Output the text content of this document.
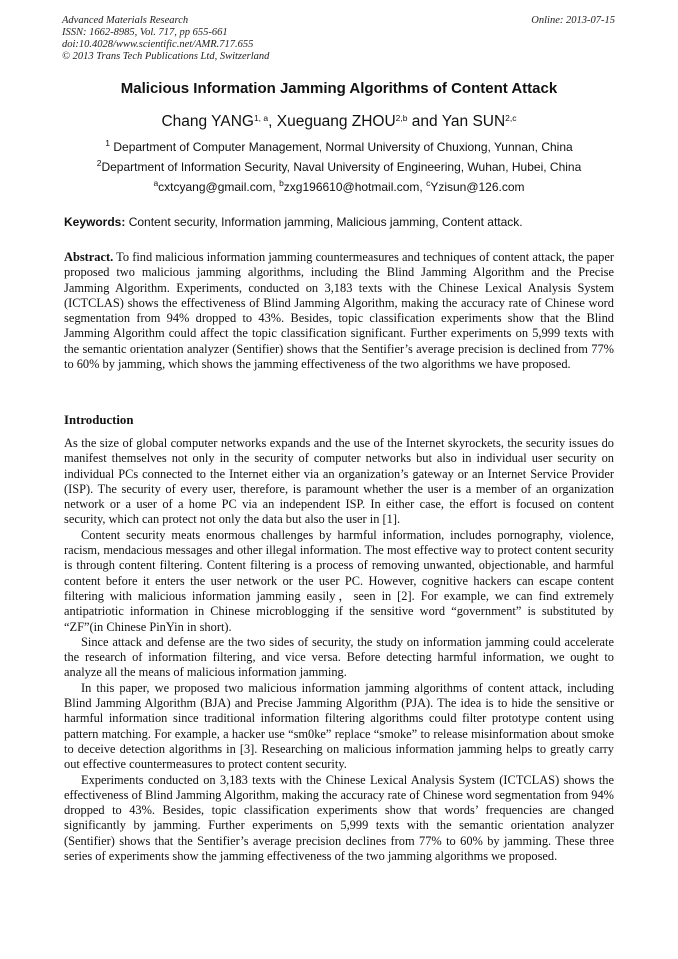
Advanced Materials Research
ISSN: 1662-8985, Vol. 717, pp 655-661
doi:10.4028/www.scientific.net/AMR.717.655
© 2013 Trans Tech Publications Ltd, Switzerland
Online: 2013-07-15
Malicious Information Jamming Algorithms of Content Attack
Chang YANG$^{1, a}$, Xueguang ZHOU$^{2,b}$ and Yan SUN$^{2,c}$
$^1$ Department of Computer Management, Normal University of Chuxiong, Yunnan, China
$^2$Department of Information Security, Naval University of Engineering, Wuhan, Hubei, China
$^a$cxtcyang@gmail.com, $^b$zxg196610@hotmail.com, $^c$Yzisun@126.com
Keywords: Content security, Information jamming, Malicious jamming, Content attack.
Abstract. To find malicious information jamming countermeasures and techniques of content attack, the paper proposed two malicious jamming algorithms, including the Blind Jamming Algorithm and the Precise Jamming Algorithm. Experiments, conducted on 3,183 texts with the Chinese Lexical Analysis System (ICTCLAS) shows the effectiveness of Blind Jamming Algorithm, making the accuracy rate of Chinese word segmentation from 94% dropped to 43%. Besides, topic classification experiments show that the Blind Jamming Algorithm could affect the topic classification significant. Further experiments on 5,999 texts with the semantic orientation analyzer (Sentifier) shows that the Sentifier’s average precision is declined from 77% to 60% by jamming, which shows the jamming effectiveness of the two algorithms we have proposed.
Introduction

As the size of global computer networks expands and the use of the Internet skyrockets, the security issues do manifest themselves not only in the security of computer networks but also in individual user security on individual PCs connected to the Internet either via an organization’s gateway or an Internet Service Provider (ISP). The security of every user, therefore, is paramount whether the user is a member of an organization network or a user of a home PC via an independent ISP. In either case, the effort is focused on content security, which can protect not only the data but also the user in [1].

Content security meats enormous challenges by harmful information, includes pornography, violence, racism, mendacious messages and other illegal information. The most effective way to protect content security is through content filtering. Content filtering is a process of removing unwanted, objectionable, and harmful content before it enters the user network or the user PC. However, cognitive hackers can escape content filtering with malicious information jamming easily，seen in [2]. For example, we can find extremely antipatriotic information in Chinese microblogging if the sensitive word “government” is substituted by “ZF”(in Chinese PinYin in short).

Since attack and defense are the two sides of security, the study on information jamming could accelerate the research of information filtering, and vice versa. Before detecting harmful information, we ought to analyze all the means of malicious information jamming.

In this paper, we proposed two malicious information jamming algorithms of content attack, including Blind Jamming Algorithm (BJA) and Precise Jamming Algorithm (PJA). The idea is to hide the sensitive or harmful information since traditional information filtering algorithms could filter prototype content using pattern matching. For example, a hacker use “sm0ke” replace “smoke” to release misinformation about smoke to deceive detection algorithms in [3]. Researching on malicious information jamming helps to greatly carry out effective countermeasures to protect content security.

Experiments conducted on 3,183 texts with the Chinese Lexical Analysis System (ICTCLAS) shows the effectiveness of Blind Jamming Algorithm, making the accuracy rate of Chinese word segmentation from 94% dropped to 43%. Besides, topic classification experiments show that words’ frequencies are changed significantly by jamming. Further experiments on 5,999 texts with the semantic orientation analyzer (Sentifier) shows that the Sentifier’s average precision declines from 77% to 60% by jamming. These three series of experiments show the jamming effectiveness of the two jamming algorithms we proposed.
